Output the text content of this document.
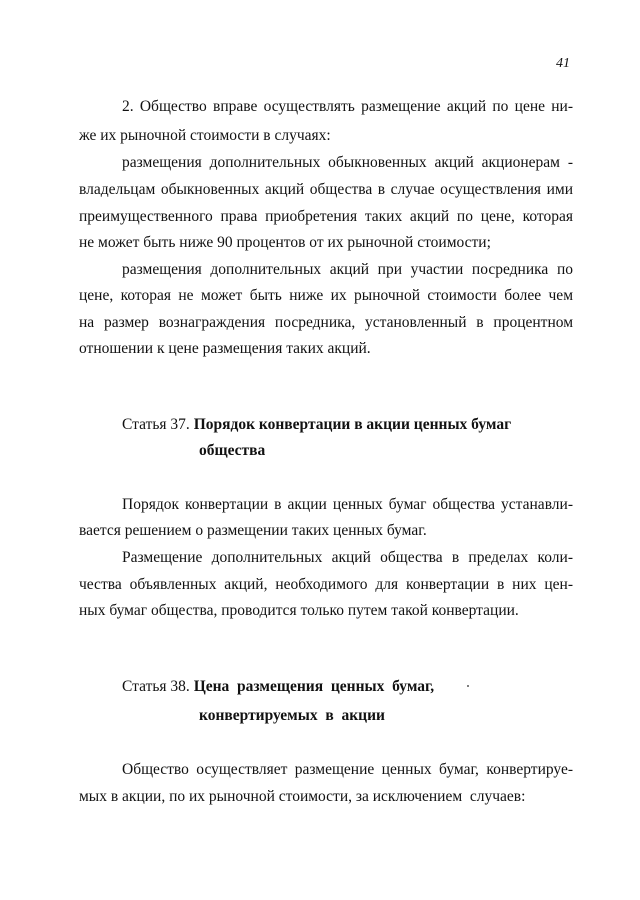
41
2. Общество вправе осуществлять размещение акций по цене ни-
же их рыночной стоимости в случаях:
размещения дополнительных обыкновенных акций акционерам -
владельцам обыкновенных акций общества в случае осуществления ими
преимущественного права приобретения таких акций по цене, которая
не может быть ниже 90 процентов от их рыночной стоимости;
размещения дополнительных акций при участии посредника по
цене, которая не может быть ниже их рыночной стоимости более чем
на размер вознаграждения посредника, установленный в процентном
отношении к цене размещения таких акций.
Статья 37. Порядок конвертации в акции ценных бумаг
общества
Порядок конвертации в акции ценных бумаг общества устанавли-
вается решением о размещении таких ценных бумаг.
Размещение дополнительных акций общества в пределах коли-
чества объявленных акций, необходимого для конвертации в них цен-
ных бумаг общества, проводится только путем такой конвертации.
Статья 38. Цена  размещения  ценных  бумаг,
конвертируемых  в  акции
Общество осуществляет размещение ценных бумаг, конвертируе-
мых в акции, по их рыночной стоимости, за исключением  случаев:
